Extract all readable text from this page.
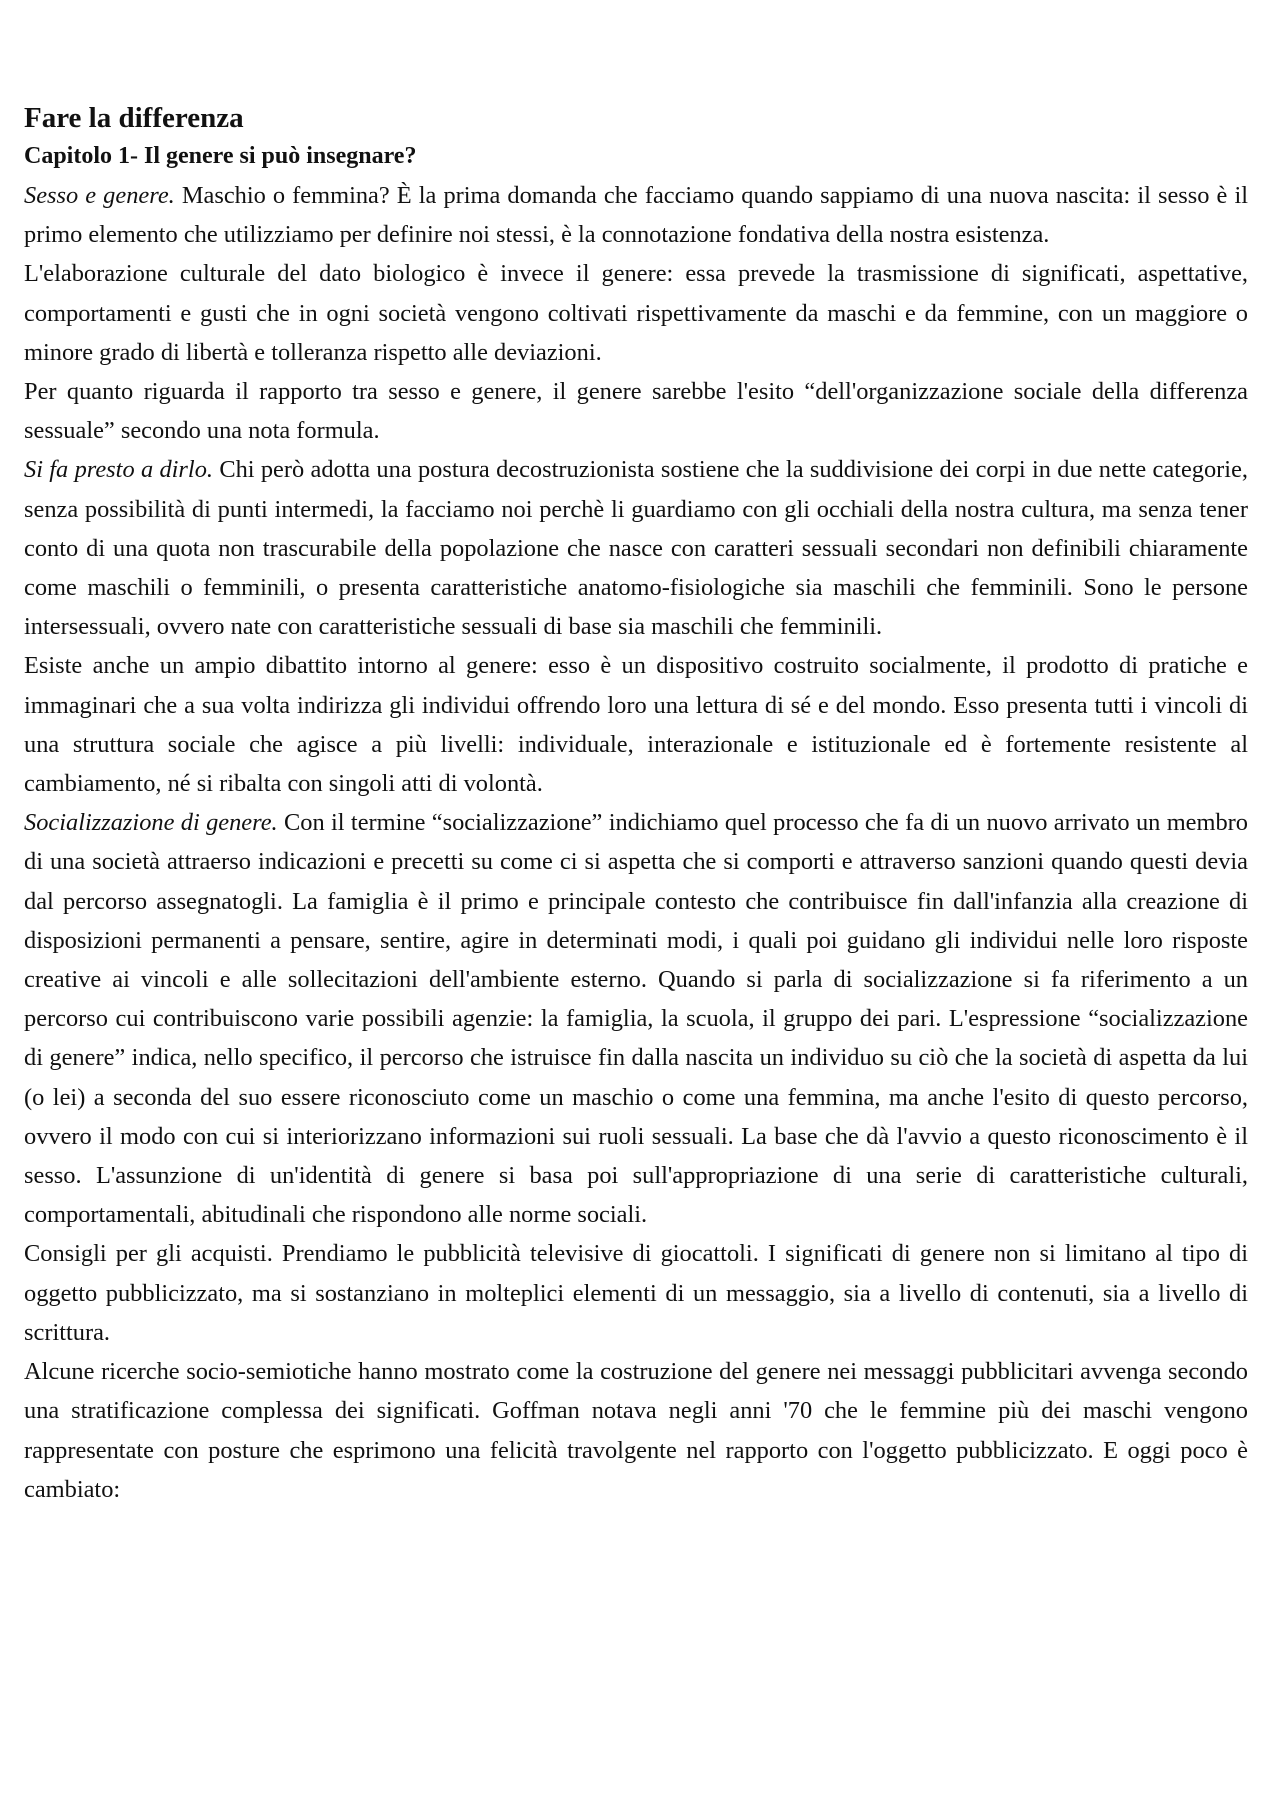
Fare la differenza
Capitolo 1- Il genere si può insegnare?

Sesso e genere. Maschio o femmina? È la prima domanda che facciamo quando sappiamo di una nuova nascita: il sesso è il primo elemento che utilizziamo per definire noi stessi, è la connotazione fondativa della nostra esistenza.

L'elaborazione culturale del dato biologico è invece il genere: essa prevede la trasmissione di significati, aspettative, comportamenti e gusti che in ogni società vengono coltivati rispettivamente da maschi e da femmine, con un maggiore o minore grado di libertà e tolleranza rispetto alle deviazioni.

Per quanto riguarda il rapporto tra sesso e genere, il genere sarebbe l'esito “dell'organizzazione sociale della differenza sessuale” secondo una nota formula.

Si fa presto a dirlo. Chi però adotta una postura decostruzionista sostiene che la suddivisione dei corpi in due nette categorie, senza possibilità di punti intermedi, la facciamo noi perchè li guardiamo con gli occhiali della nostra cultura, ma senza tener conto di una quota non trascurabile della popolazione che nasce con caratteri sessuali secondari non definibili chiaramente come maschili o femminili, o presenta caratteristiche anatomo-fisiologiche sia maschili che femminili. Sono le persone intersessuali, ovvero nate con caratteristiche sessuali di base sia maschili che femminili.

Esiste anche un ampio dibattito intorno al genere: esso è un dispositivo costruito socialmente, il prodotto di pratiche e immaginari che a sua volta indirizza gli individui offrendo loro una lettura di sé e del mondo. Esso presenta tutti i vincoli di una struttura sociale che agisce a più livelli: individuale, interazionale e istituzionale ed è fortemente resistente al cambiamento, né si ribalta con singoli atti di volontà.

Socializzazione di genere. Con il termine “socializzazione” indichiamo quel processo che fa di un nuovo arrivato un membro di una società attraerso indicazioni e precetti su come ci si aspetta che si comporti e attraverso sanzioni quando questi devia dal percorso assegnatogli. La famiglia è il primo e principale contesto che contribuisce fin dall'infanzia alla creazione di disposizioni permanenti a pensare, sentire, agire in determinati modi, i quali poi guidano gli individui nelle loro risposte creative ai vincoli e alle sollecitazioni dell'ambiente esterno. Quando si parla di socializzazione si fa riferimento a un percorso cui contribuiscono varie possibili agenzie: la famiglia, la scuola, il gruppo dei pari. L'espressione “socializzazione di genere” indica, nello specifico, il percorso che istruisce fin dalla nascita un individuo su ciò che la società di aspetta da lui (o lei) a seconda del suo essere riconosciuto come un maschio o come una femmina, ma anche l'esito di questo percorso, ovvero il modo con cui si interiorizzano informazioni sui ruoli sessuali. La base che dà l'avvio a questo riconoscimento è il sesso. L'assunzione di un'identità di genere si basa poi sull'appropriazione di una serie di caratteristiche culturali, comportamentali, abitudinali che rispondono alle norme sociali.

Consigli per gli acquisti. Prendiamo le pubblicità televisive di giocattoli. I significati di genere non si limitano al tipo di oggetto pubblicizzato, ma si sostanziano in molteplici elementi di un messaggio, sia a livello di contenuti, sia a livello di scrittura.

Alcune ricerche socio-semiotiche hanno mostrato come la costruzione del genere nei messaggi pubblicitari avvenga secondo una stratificazione complessa dei significati. Goffman notava negli anni '70 che le femmine più dei maschi vengono rappresentate con posture che esprimono una felicità travolgente nel rapporto con l'oggetto pubblicizzato. E oggi poco è cambiato:
